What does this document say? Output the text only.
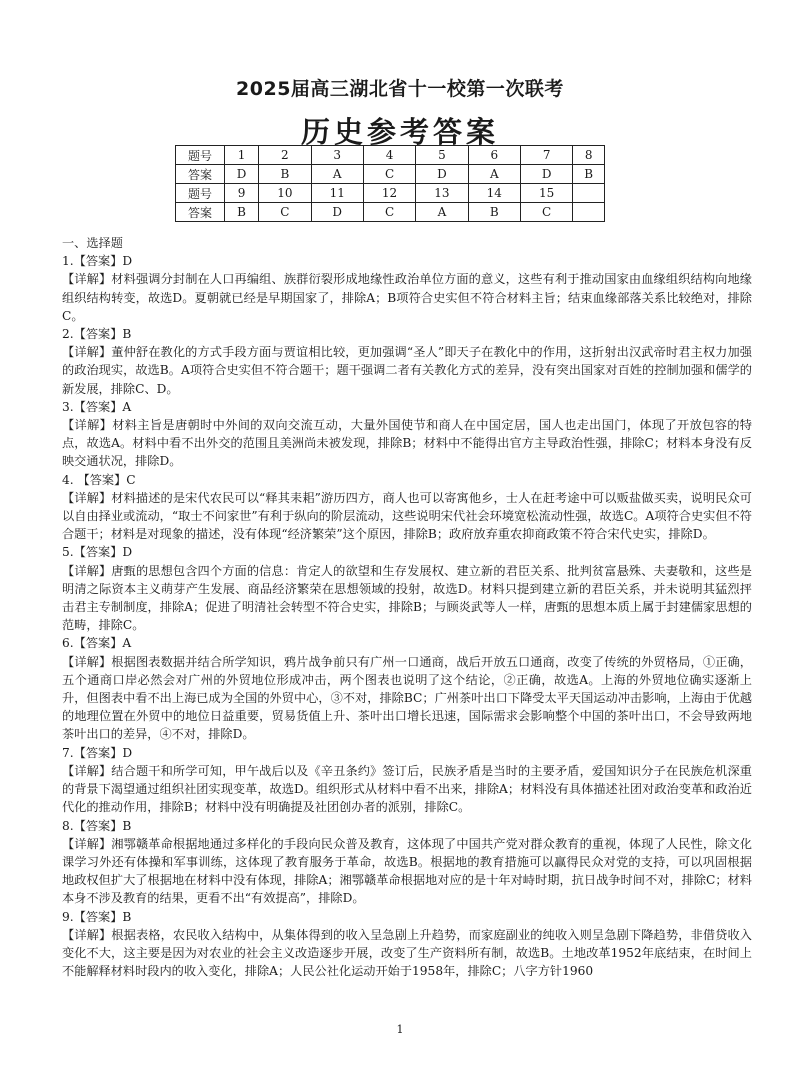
2025届高三湖北省十一校第一次联考
历史参考答案
题号	1	2	3	4	5	6	7	8
答案	D	B	A	C	D	A	D	B
题号	9	10	11	12	13	14	15	
答案	B	C	D	C	A	B	C	

一、选择题

1.【答案】D

【详解】材料强调分封制在人口再编组、族群衍裂形成地缘性政治单位方面的意义，这些有利于推动国家由血缘组织结构向地缘组织结构转变，故选D。夏朝就已经是早期国家了，排除A；B项符合史实但不符合材料主旨；结束血缘部落关系比较绝对，排除C。

2.【答案】B

【详解】董仲舒在教化的方式手段方面与贾谊相比较，更加强调“圣人”即天子在教化中的作用，这折射出汉武帝时君主权力加强的政治现实，故选B。A项符合史实但不符合题干；题干强调二者有关教化方式的差异，没有突出国家对百姓的控制加强和儒学的新发展，排除C、D。

3.【答案】A

【详解】材料主旨是唐朝时中外间的双向交流互动，大量外国使节和商人在中国定居，国人也走出国门，体现了开放包容的特点，故选A。材料中看不出外交的范围且美洲尚未被发现，排除B；材料中不能得出官方主导政治性强，排除C；材料本身没有反映交通状况，排除D。

4. 【答案】C

【详解】材料描述的是宋代农民可以“释其耒耜”游历四方，商人也可以寄寓他乡，士人在赶考途中可以贩盐做买卖，说明民众可以自由择业或流动，“取士不问家世”有利于纵向的阶层流动，这些说明宋代社会环境宽松流动性强，故选C。A项符合史实但不符合题干；材料是对现象的描述，没有体现“经济繁荣”这个原因，排除B；政府放弃重农抑商政策不符合宋代史实，排除D。

5.【答案】D

【详解】唐甄的思想包含四个方面的信息：肯定人的欲望和生存发展权、建立新的君臣关系、批判贫富悬殊、夫妻敬和，这些是明清之际资本主义萌芽产生发展、商品经济繁荣在思想领域的投射，故选D。材料只提到建立新的君臣关系，并未说明其猛烈抨击君主专制制度，排除A；促进了明清社会转型不符合史实，排除B；与顾炎武等人一样，唐甄的思想本质上属于封建儒家思想的范畴，排除C。

6.【答案】A

【详解】根据图表数据并结合所学知识，鸦片战争前只有广州一口通商，战后开放五口通商，改变了传统的外贸格局，①正确，五个通商口岸必然会对广州的外贸地位形成冲击，两个图表也说明了这个结论，②正确，故选A。上海的外贸地位确实逐渐上升，但图表中看不出上海已成为全国的外贸中心，③不对，排除BC；广州茶叶出口下降受太平天国运动冲击影响，上海由于优越的地理位置在外贸中的地位日益重要，贸易货值上升、茶叶出口增长迅速，国际需求会影响整个中国的茶叶出口，不会导致两地茶叶出口的差异，④不对，排除D。

7.【答案】D

【详解】结合题干和所学可知，甲午战后以及《辛丑条约》签订后，民族矛盾是当时的主要矛盾，爱国知识分子在民族危机深重的背景下渴望通过组织社团实现变革，故选D。组织形式从材料中看不出来，排除A；材料没有具体描述社团对政治变革和政治近代化的推动作用，排除B；材料中没有明确提及社团创办者的派别，排除C。

8.【答案】B

【详解】湘鄂赣革命根据地通过多样化的手段向民众普及教育，这体现了中国共产党对群众教育的重视，体现了人民性，除文化课学习外还有体操和军事训练，这体现了教育服务于革命，故选B。根据地的教育措施可以赢得民众对党的支持，可以巩固根据地政权但扩大了根据地在材料中没有体现，排除A；湘鄂赣革命根据地对应的是十年对峙时期，抗日战争时间不对，排除C；材料本身不涉及教育的结果，更看不出“有效提高”，排除D。

9.【答案】B

【详解】根据表格，农民收入结构中，从集体得到的收入呈急剧上升趋势，而家庭副业的纯收入则呈急剧下降趋势，非借贷收入变化不大，这主要是因为对农业的社会主义改造逐步开展，改变了生产资料所有制，故选B。土地改革1952年底结束，在时间上不能解释材料时段内的收入变化，排除A；人民公社化运动开始于1958年，排除C；八字方针1960

1
